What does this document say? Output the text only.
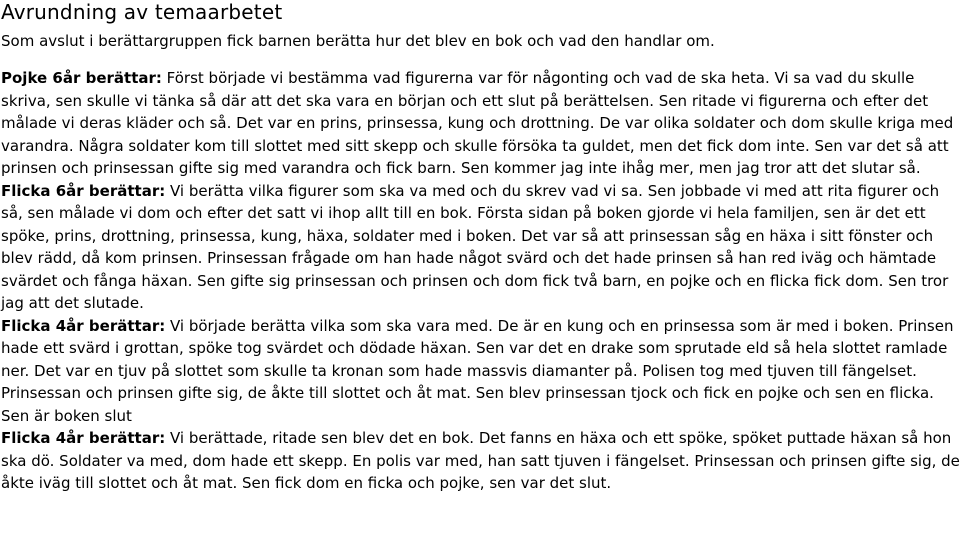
Avrundning av temaarbetet

Som avslut i berättargruppen fick barnen berätta hur det blev en bok och vad den handlar om.

Pojke 6år berättar: Först började vi bestämma vad figurerna var för någonting och vad de ska heta. Vi sa vad du skulle skriva, sen skulle vi tänka så där att det ska vara en början och ett slut på berättelsen. Sen ritade vi figurerna och efter det målade vi deras kläder och så. Det var en prins, prinsessa, kung och drottning. De var olika soldater och dom skulle kriga med varandra. Några soldater kom till slottet med sitt skepp och skulle försöka ta guldet, men det fick dom inte. Sen var det så att prinsen och prinsessan gifte sig med varandra och fick barn. Sen kommer jag inte ihåg mer, men jag tror att det slutar så.

Flicka 6år berättar: Vi berätta vilka figurer som ska va med och du skrev vad vi sa. Sen jobbade vi med att rita figurer och så, sen målade vi dom och efter det satt vi ihop allt till en bok. Första sidan på boken gjorde vi hela familjen, sen är det ett spöke, prins, drottning, prinsessa, kung, häxa, soldater med i boken. Det var så att prinsessan såg en häxa i sitt fönster och blev rädd, då kom prinsen. Prinsessan frågade om han hade något svärd och det hade prinsen så han red iväg och hämtade svärdet och fånga häxan. Sen gifte sig prinsessan och prinsen och dom fick två barn, en pojke och en flicka fick dom. Sen tror jag att det slutade.

Flicka 4år berättar: Vi började berätta vilka som ska vara med. De är en kung och en prinsessa som är med i boken. Prinsen hade ett svärd i grottan, spöke tog svärdet och dödade häxan. Sen var det en drake som sprutade eld så hela slottet ramlade ner. Det var en tjuv på slottet som skulle ta kronan som hade massvis diamanter på. Polisen tog med tjuven till fängelset. Prinsessan och prinsen gifte sig, de åkte till slottet och åt mat. Sen blev prinsessan tjock och fick en pojke och sen en flicka. Sen är boken slut

Flicka 4år berättar: Vi berättade, ritade sen blev det en bok. Det fanns en häxa och ett spöke, spöket puttade häxan så hon ska dö. Soldater va med, dom hade ett skepp. En polis var med, han satt tjuven i fängelset. Prinsessan och prinsen gifte sig, de åkte iväg till slottet och åt mat. Sen fick dom en ficka och pojke, sen var det slut.
